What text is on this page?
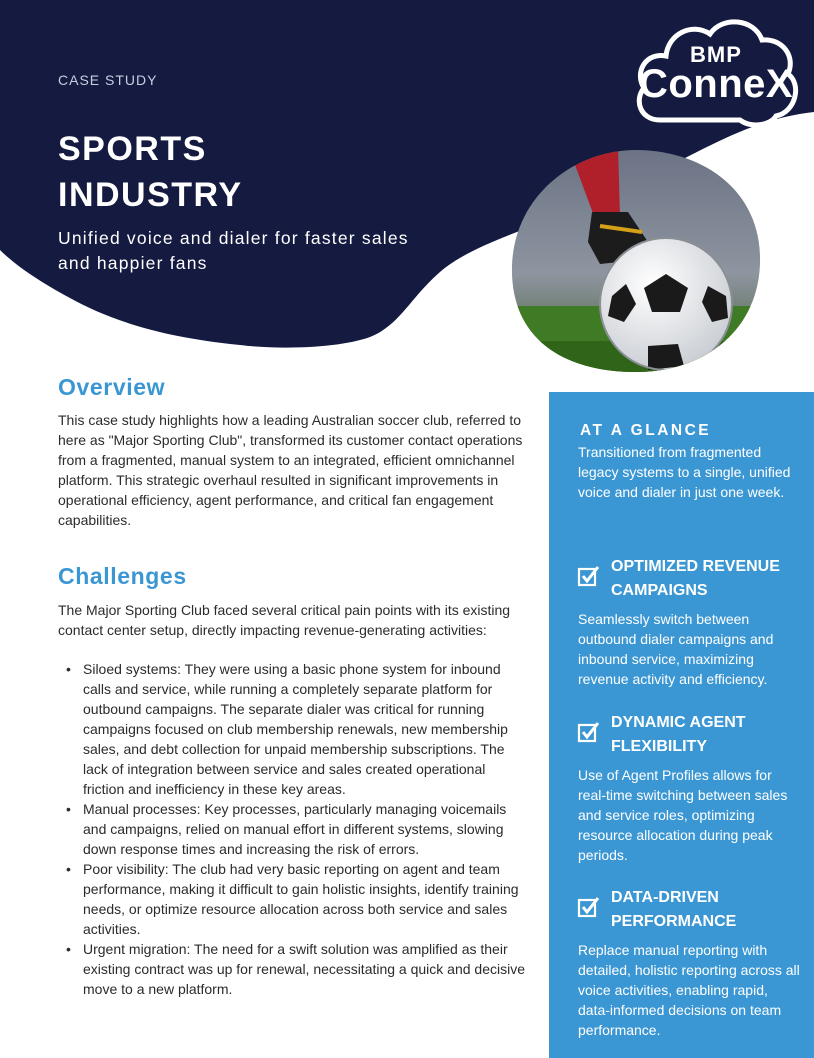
CASE STUDY
SPORTS
INDUSTRY
Unified voice and dialer for faster sales
and happier fans
BMP
ConneX
Overview

This case study highlights how a leading Australian soccer club, referred to here as "Major Sporting Club", transformed its customer contact operations from a fragmented, manual system to an integrated, efficient omnichannel platform. This strategic overhaul resulted in significant improvements in operational efficiency, agent performance, and critical fan engagement capabilities.

Challenges

The Major Sporting Club faced several critical pain points with its existing contact center setup, directly impacting revenue-generating activities:

• Siloed systems: They were using a basic phone system for inbound calls and service, while running a completely separate platform for outbound campaigns. The separate dialer was critical for running campaigns focused on club membership renewals, new membership sales, and debt collection for unpaid membership subscriptions. The lack of integration between service and sales created operational friction and inefficiency in these key areas.
• Manual processes: Key processes, particularly managing voicemails and campaigns, relied on manual effort in different systems, slowing down response times and increasing the risk of errors.
• Poor visibility: The club had very basic reporting on agent and team performance, making it difficult to gain holistic insights, identify training needs, or optimize resource allocation across both service and sales activities.
• Urgent migration: The need for a swift solution was amplified as their existing contract was up for renewal, necessitating a quick and decisive move to a new platform.
AT A GLANCE
Transitioned from fragmented legacy systems to a single, unified voice and dialer in just one week.
OPTIMIZED REVENUE
CAMPAIGNS
Seamlessly switch between outbound dialer campaigns and inbound service, maximizing revenue activity and efficiency.
DYNAMIC AGENT
FLEXIBILITY
Use of Agent Profiles allows for real-time switching between sales and service roles, optimizing resource allocation during peak periods.
DATA-DRIVEN
PERFORMANCE
Replace manual reporting with detailed, holistic reporting across all voice activities, enabling rapid, data-informed decisions on team performance.
